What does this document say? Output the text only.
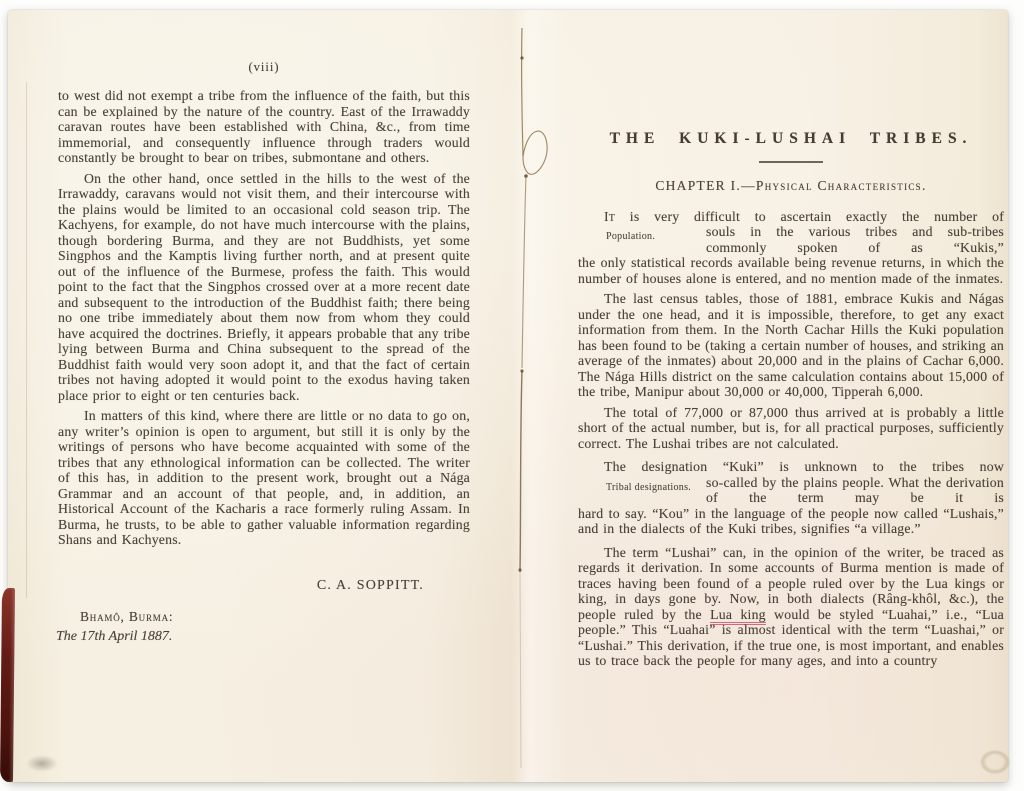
(viii)

to west did not exempt a tribe from the influence of the faith, but this can be explained by the nature of the country. East of the Irrawaddy caravan routes have been established with China, &c., from time immemorial, and consequently influence through traders would constantly be brought to bear on tribes, submontane and others.

On the other hand, once settled in the hills to the west of the Irrawaddy, caravans would not visit them, and their intercourse with the plains would be limited to an occasional cold season trip. The Kachyens, for example, do not have much intercourse with the plains, though bordering Burma, and they are not Buddhists, yet some Singphos and the Kamptis living further north, and at present quite out of the influence of the Burmese, profess the faith. This would point to the fact that the Singphos crossed over at a more recent date and subsequent to the introduction of the Buddhist faith; there being no one tribe immediately about them now from whom they could have acquired the doctrines. Briefly, it appears probable that any tribe lying between Burma and China subsequent to the spread of the Buddhist faith would very soon adopt it, and that the fact of certain tribes not having adopted it would point to the exodus having taken place prior to eight or ten centuries back.

In matters of this kind, where there are little or no data to go on, any writer’s opinion is open to argument, but still it is only by the writings of persons who have become acquainted with some of the tribes that any ethnological information can be collected. The writer of this has, in addition to the present work, brought out a Nága Grammar and an account of that people, and, in addition, an Historical Account of the Kacharis a race formerly ruling Assam. In Burma, he trusts, to be able to gather valuable information regarding Shans and Kachyens.

C. A. SOPPITT.
Bhamô, Burma:
The 17th April 1887.
THE KUKI-LUSHAI TRIBES.
CHAPTER I.—Physical Characteristics.
It is very difficult to ascertain exactly the number of
Population.	souls in the various tribes and sub-tribes commonly spoken of as “Kukis,”
the only statistical records available being revenue returns, in which the number of houses alone is entered, and no mention made of the inmates.

The last census tables, those of 1881, embrace Kukis and Nágas under the one head, and it is impossible, therefore, to get any exact information from them. In the North Cachar Hills the Kuki population has been found to be (taking a certain number of houses, and striking an average of the inmates) about 20,000 and in the plains of Cachar 6,000. The Nága Hills district on the same calculation contains about 15,000 of the tribe, Manipur about 30,000 or 40,000, Tipperah 6,000.

The total of 77,000 or 87,000 thus arrived at is probably a little short of the actual number, but is, for all practical purposes, sufficiently correct. The Lushai tribes are not calculated.

The designation “Kuki” is unknown to the tribes now
Tribal designations.	so-called by the plains people. What the derivation of the term may be it is
hard to say. “Kou” in the language of the people now called “Lushais,” and in the dialects of the Kuki tribes, signifies “a village.”

The term “Lushai” can, in the opinion of the writer, be traced as regards it derivation. In some accounts of Burma mention is made of traces having been found of a people ruled over by the Lua kings or king, in days gone by. Now, in both dialects (Râng-khôl, &c.), the people ruled by the Lua king would be styled “Luahai,” i.e., “Lua people.” This “Luahai” is almost identical with the term “Luashai,” or “Lushai.” This derivation, if the true one, is most important, and enables us to trace back the people for many ages, and into a country
